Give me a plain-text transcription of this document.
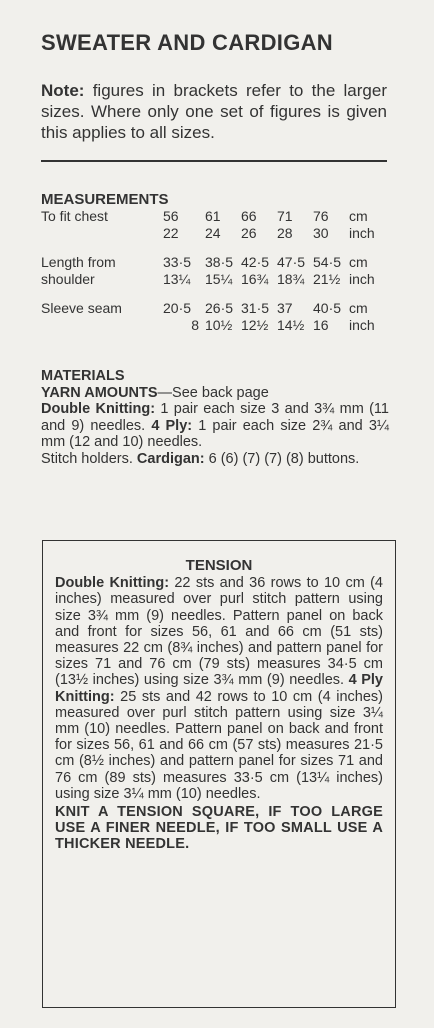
SWEATER AND CARDIGAN
Note: figures in brackets refer to the larger sizes. Where only one set of figures is given this applies to all sizes.
MEASUREMENTS
To fit chest	56	61	66	71	76	cm
	22	24	26	28	30	inch

Length from	33·5	38·5	42·5	47·5	54·5	cm
shoulder	13¼	15¼	16¾	18¾	21½	inch

Sleeve seam	20·5	26·5	31·5	37	40·5	cm
	8	10½	12½	14½	16	inch
MATERIALS
YARN AMOUNTS—See back page
Double Knitting: 1 pair each size 3 and 3¾ mm (11 and 9) needles. 4 Ply: 1 pair each size 2¾ and 3¼ mm (12 and 10) needles.
Stitch holders. Cardigan: 6 (6) (7) (7) (8) buttons.
TENSION
Double Knitting: 22 sts and 36 rows to 10 cm (4 inches) measured over purl stitch pattern using size 3¾ mm (9) needles. Pattern panel on back and front for sizes 56, 61 and 66 cm (51 sts) measures 22 cm (8¾ inches) and pattern panel for sizes 71 and 76 cm (79 sts) measures 34·5 cm (13½ inches) using size 3¾ mm (9) needles. 4 Ply Knitting: 25 sts and 42 rows to 10 cm (4 inches) measured over purl stitch pattern using size 3¼ mm (10) needles. Pattern panel on back and front for sizes 56, 61 and 66 cm (57 sts) measures 21·5 cm (8½ inches) and pattern panel for sizes 71 and 76 cm (89 sts) measures 33·5 cm (13¼ inches) using size 3¼ mm (10) needles.
KNIT A TENSION SQUARE, IF TOO LARGE USE A FINER NEEDLE, IF TOO SMALL USE A THICKER NEEDLE.
